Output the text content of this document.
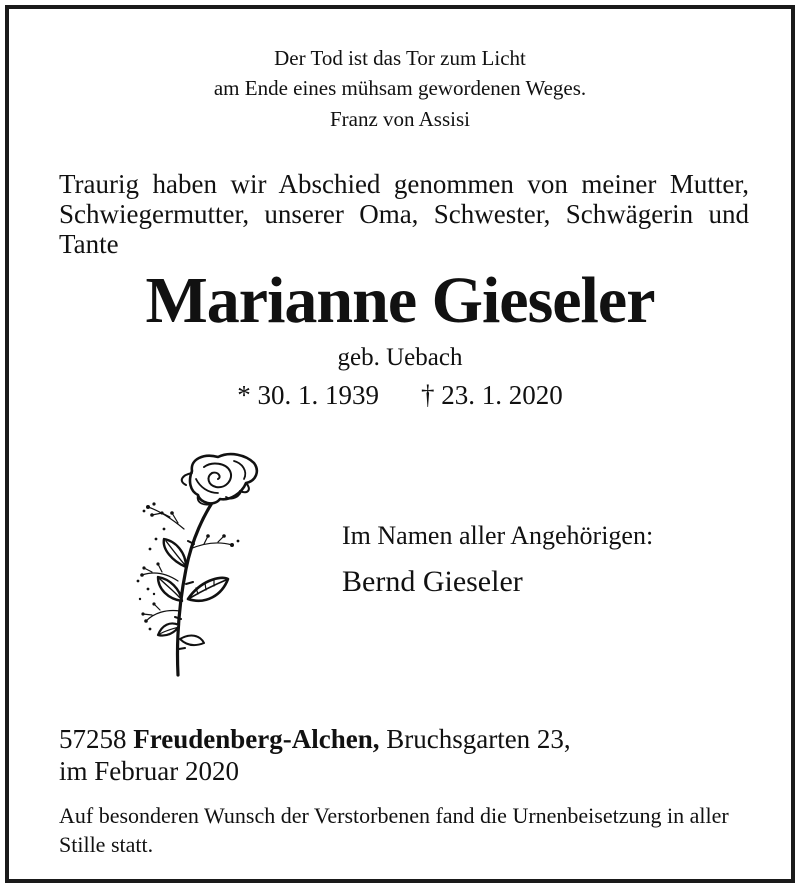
Der Tod ist das Tor zum Licht
am Ende eines mühsam gewordenen Weges.
Franz von Assisi
Traurig haben wir Abschied genommen von meiner Mutter, Schwiegermutter, unserer Oma, Schwester, Schwägerin und Tante
Marianne Gieseler
geb. Uebach
* 30. 1. 1939 † 23. 1. 2020
Im Namen aller Angehörigen:
Bernd Gieseler
57258 Freudenberg-Alchen, Bruchsgarten 23,
im Februar 2020
Auf besonderen Wunsch der Verstorbenen fand die Urnenbeisetzung in aller Stille statt.
